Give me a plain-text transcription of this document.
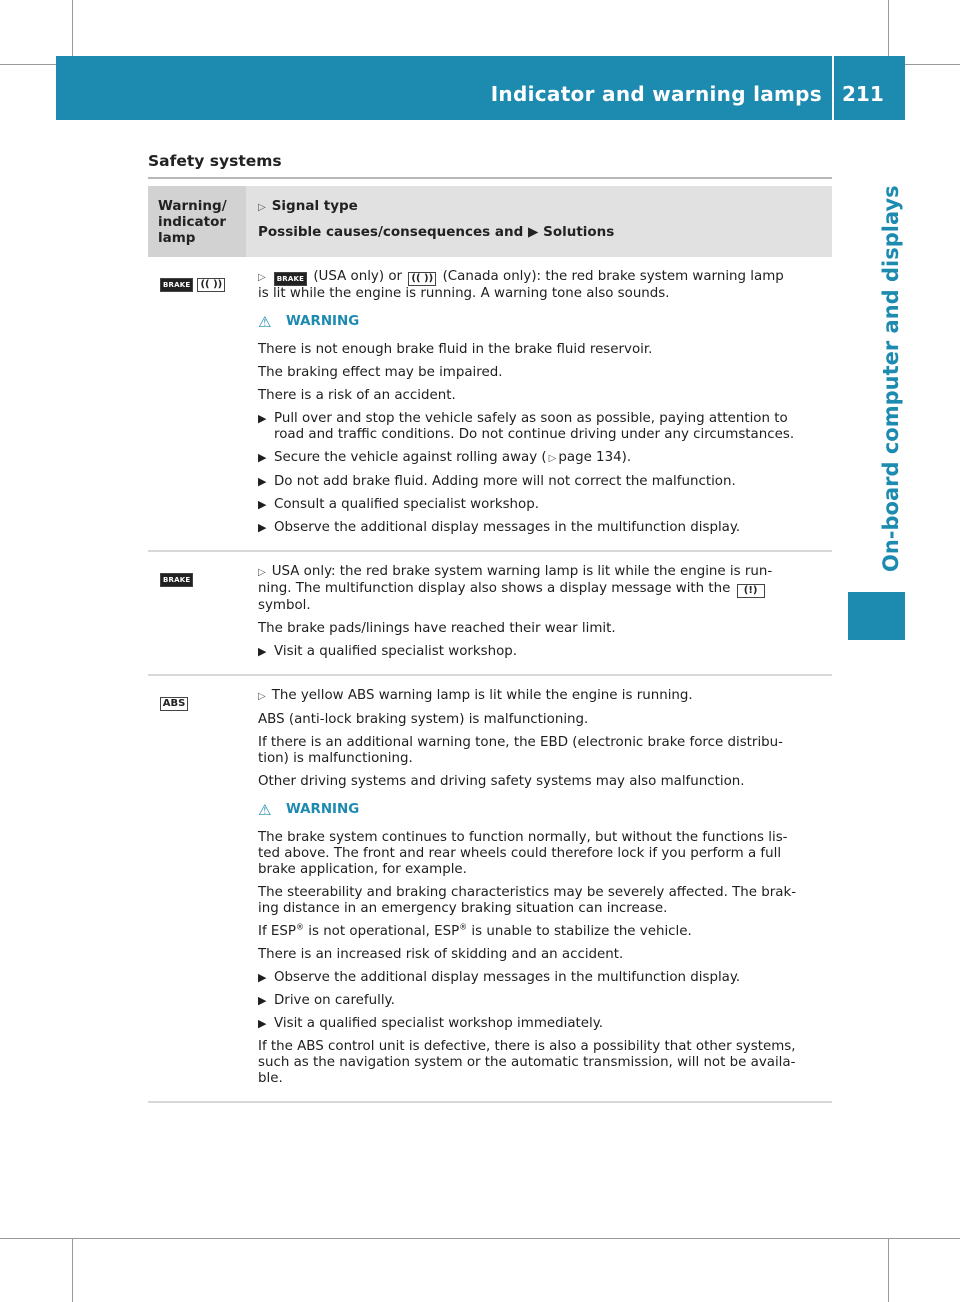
Indicator and warning lamps 211
On-board computer and displays
Safety systems
Warning/
indicator
lamp
▷ Signal type
Possible causes/consequences and ▶ Solutions
BRAKE (( ))

▷ BRAKE (USA only) or (( )) (Canada only): the red brake system warning lamp

is lit while the engine is running. A warning tone also sounds.

⚠	WARNING

There is not enough brake fluid in the brake fluid reservoir.

The braking effect may be impaired.

There is a risk of an accident.

▶ Pull over and stop the vehicle safely as soon as possible, paying attention to
road and traffic conditions. Do not continue driving under any circumstances.
▶ Secure the vehicle against rolling away ( ▷ page 134).
▶ Do not add brake fluid. Adding more will not correct the malfunction.
▶ Consult a qualified specialist workshop.
▶ Observe the additional display messages in the multifunction display.
BRAKE

▷ USA only: the red brake system warning lamp is lit while the engine is run-

ning. The multifunction display also shows a display message with the (!)

symbol.

The brake pads/linings have reached their wear limit.

▶ Visit a qualified specialist workshop.
ABS

▷ The yellow ABS warning lamp is lit while the engine is running.

ABS (anti-lock braking system) is malfunctioning.

If there is an additional warning tone, the EBD (electronic brake force distribu-
tion) is malfunctioning.

Other driving systems and driving safety systems may also malfunction.

⚠	WARNING

The brake system continues to function normally, but without the functions lis-
ted above. The front and rear wheels could therefore lock if you perform a full
brake application, for example.

The steerability and braking characteristics may be severely affected. The brak-
ing distance in an emergency braking situation can increase.

If ESP® is not operational, ESP® is unable to stabilize the vehicle.

There is an increased risk of skidding and an accident.

▶ Observe the additional display messages in the multifunction display.
▶ Drive on carefully.
▶ Visit a qualified specialist workshop immediately.

If the ABS control unit is defective, there is also a possibility that other systems,
such as the navigation system or the automatic transmission, will not be availa-
ble.
